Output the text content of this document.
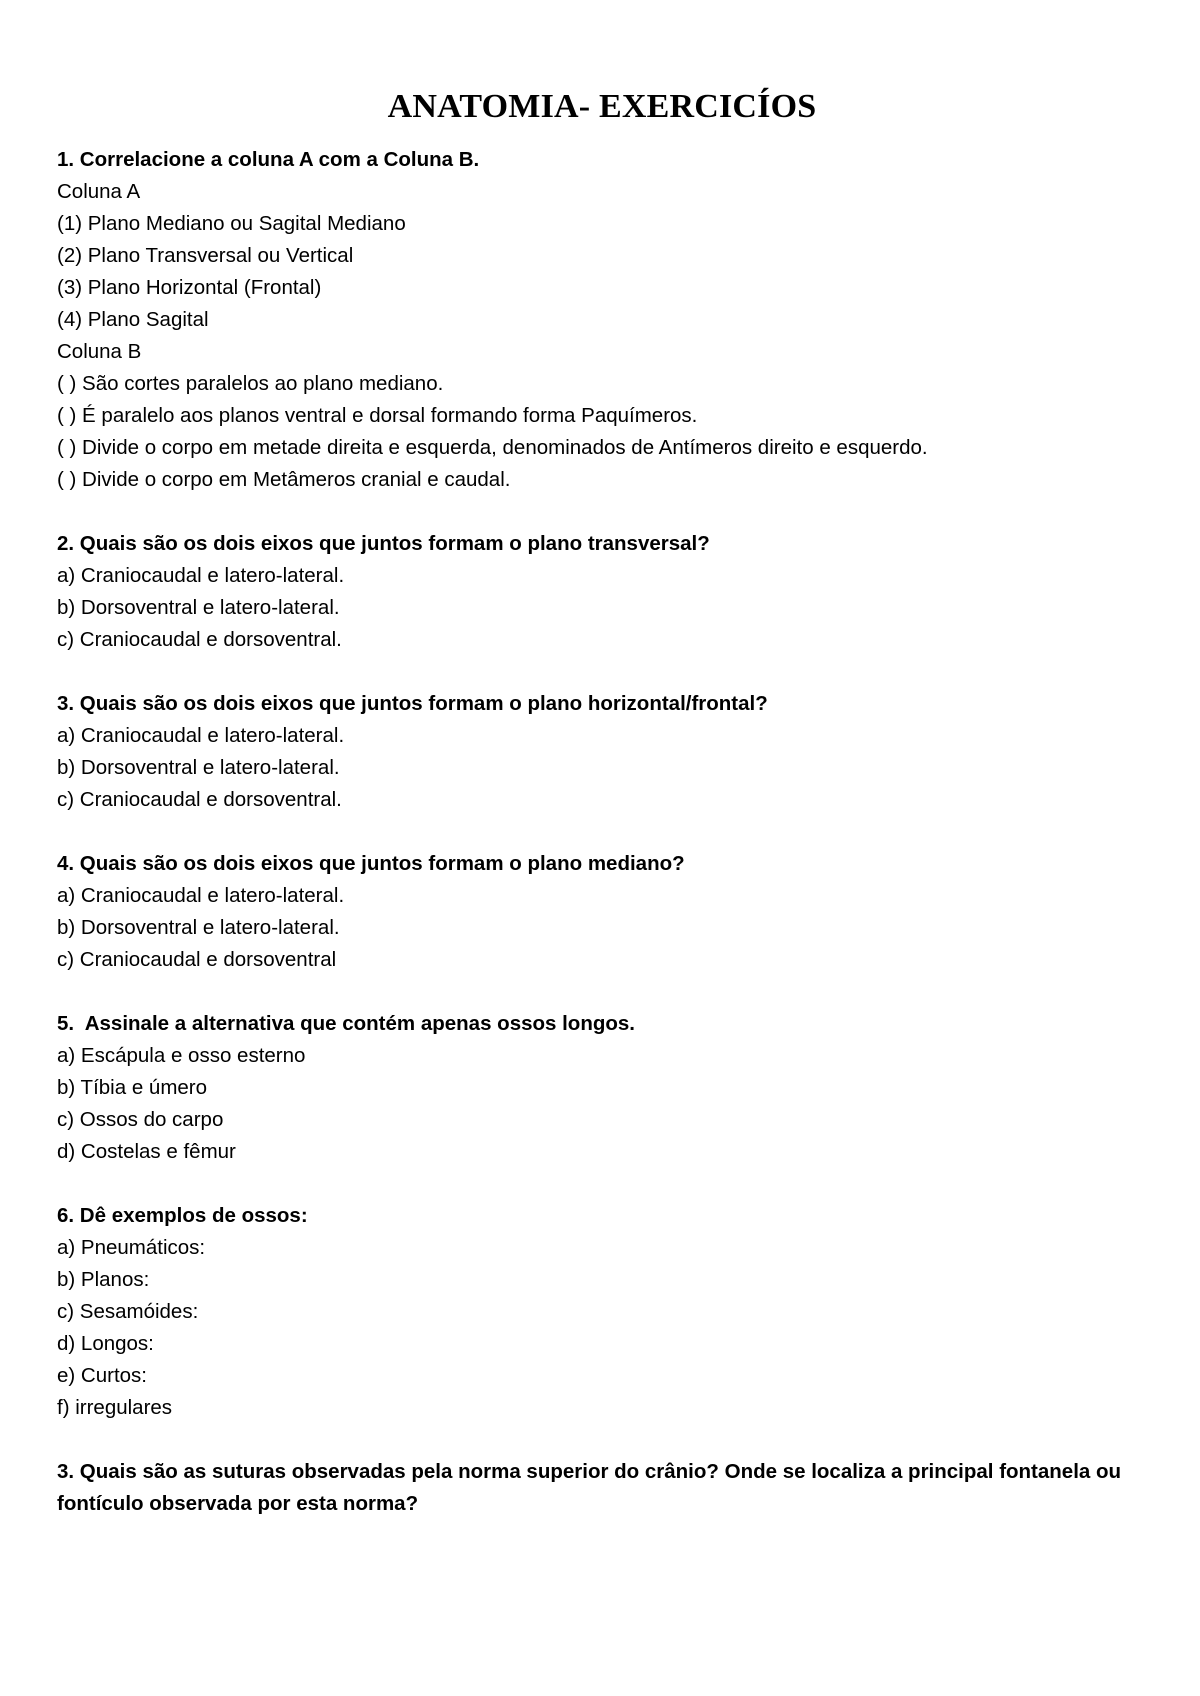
ANATOMIA- EXERCICÍOS

1. Correlacione a coluna A com a Coluna B.

Coluna A

(1) Plano Mediano ou Sagital Mediano

(2) Plano Transversal ou Vertical

(3) Plano Horizontal (Frontal)

(4) Plano Sagital

Coluna B

( ) São cortes paralelos ao plano mediano.

( ) É paralelo aos planos ventral e dorsal formando forma Paquímeros.

( ) Divide o corpo em metade direita e esquerda, denominados de Antímeros direito e esquerdo.

( ) Divide o corpo em Metâmeros cranial e caudal.

2. Quais são os dois eixos que juntos formam o plano transversal?

a) Craniocaudal e latero-lateral.

b) Dorsoventral e latero-lateral.

c) Craniocaudal e dorsoventral.

3. Quais são os dois eixos que juntos formam o plano horizontal/frontal?

a) Craniocaudal e latero-lateral.

b) Dorsoventral e latero-lateral.

c) Craniocaudal e dorsoventral.

4. Quais são os dois eixos que juntos formam o plano mediano?

a) Craniocaudal e latero-lateral.

b) Dorsoventral e latero-lateral.

c) Craniocaudal e dorsoventral

5.  Assinale a alternativa que contém apenas ossos longos.

a) Escápula e osso esterno

b) Tíbia e úmero

c) Ossos do carpo

d) Costelas e fêmur

6. Dê exemplos de ossos:

a) Pneumáticos:

b) Planos:

c) Sesamóides:

d) Longos:

e) Curtos:

f) irregulares

3. Quais são as suturas observadas pela norma superior do crânio? Onde se localiza a principal fontanela ou fontículo observada por esta norma?
